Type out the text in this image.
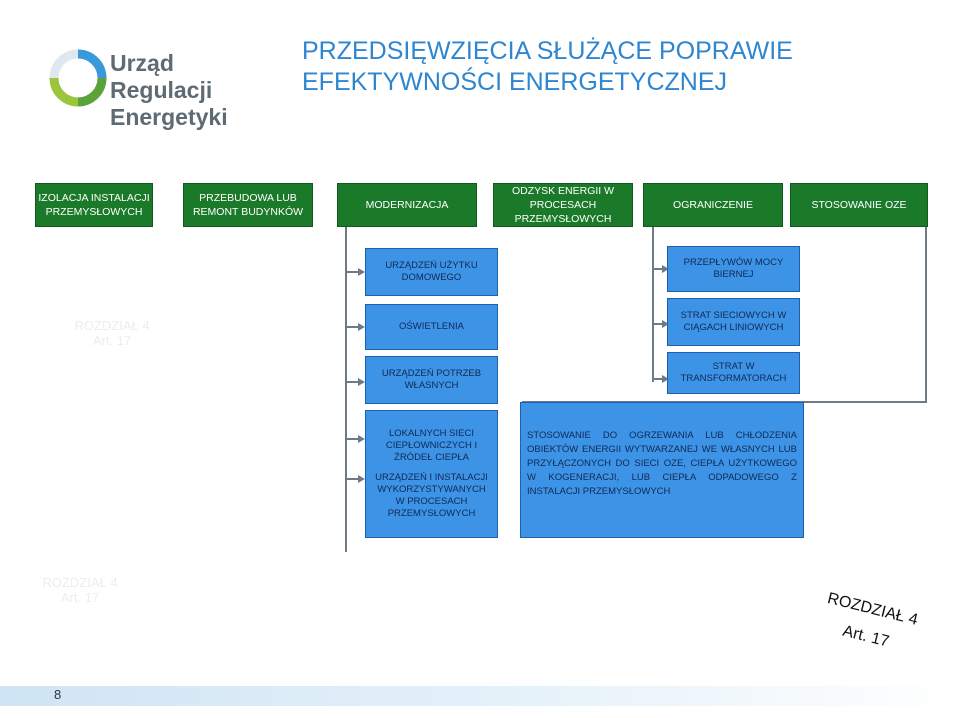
Urząd Regulacji
Energetyki
PRZEDSIĘWZIĘCIA SŁUŻĄCE POPRAWIE EFEKTYWNOŚCI ENERGETYCZNEJ
IZOLACJA INSTALACJI PRZEMYSŁOWYCH
PRZEBUDOWA LUB REMONT BUDYNKÓW
MODERNIZACJA
ODZYSK ENERGII W PROCESACH PRZEMYSŁOWYCH
OGRANICZENIE	STOSOWANIE OZE
URZĄDZEŃ UŻYTKU DOMOWEGO
OŚWIETLENIA
URZĄDZEŃ POTRZEB WŁASNYCH
LOKALNYCH SIECI CIEPŁOWNICZYCH I ŹRÓDEŁ CIEPŁA
URZĄDZEŃ I INSTALACJI WYKORZYSTYWANYCH W PROCESACH PRZEMYSŁOWYCH
PRZEPŁYWÓW MOCY BIERNEJ
STRAT SIECIOWYCH W CIĄGACH LINIOWYCH
STRAT W TRANSFORMATORACH
STOSOWANIE DO OGRZEWANIA LUB CHŁODZENIA OBIEKTÓW ENERGII WYTWARZANEJ WE WŁASNYCH LUB PRZYŁĄCZONYCH DO SIECI OZE, CIEPŁA UŻYTKOWEGO W KOGENERACJI, LUB CIEPŁA ODPADOWEGO Z INSTALACJI PRZEMYSŁOWYCH
ROZDZIAŁ 4
Art. 17
ROZDZIAŁ 4
Art. 17	ROZDZIAŁ 4
Art. 17
8
